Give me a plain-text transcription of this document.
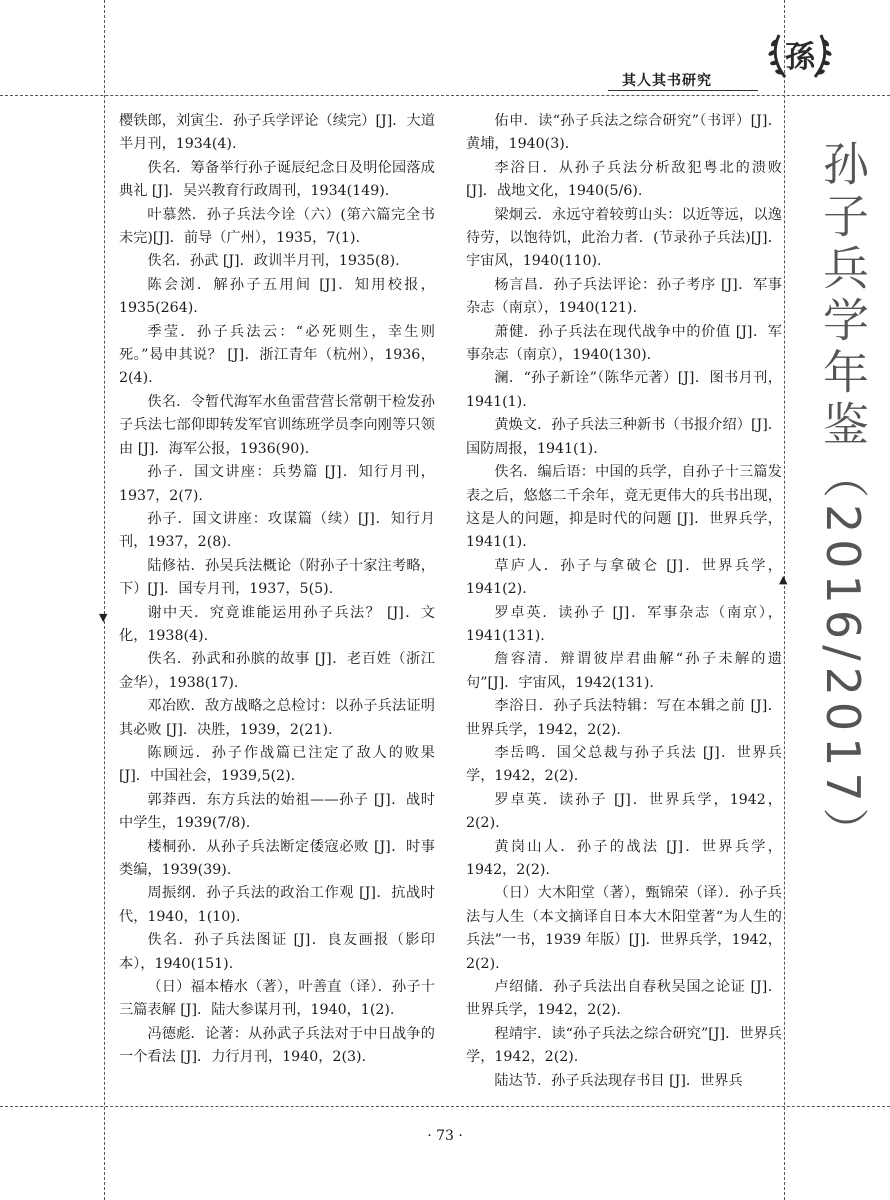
▼
▲
其人其书研究
孫
孙子兵学年鉴（2016/2017）

樱铁郎，刘寅尘．孙子兵学评论（续完）[J]．大道半月刊，1934(4).

佚名．筹备举行孙子诞辰纪念日及明伦园落成典礼 [J]．吴兴教育行政周刊，1934(149).

叶慕然．孙子兵法今诠（六）(第六篇完全书未完)[J]．前导（广州），1935，7(1).

佚名．孙武 [J]．政训半月刊，1935(8).

陈会浏．解孙子五用间 [J]．知用校报，1935(264).

季莹．孙子兵法云：“必死则生，幸生则死。”曷申其说？ [J]．浙江青年（杭州），1936，2(4).

佚名．令暂代海军水鱼雷营营长常朝干检发孙子兵法七部仰即转发军官训练班学员李向刚等只领由 [J]．海军公报，1936(90).

孙子．国文讲座：兵势篇 [J]．知行月刊，1937，2(7).

孙子．国文讲座：攻谋篇（续）[J]．知行月刊，1937，2(8).

陆修祜．孙吴兵法概论（附孙子十家注考略，下）[J]．国专月刊，1937，5(5).

谢中天．究竟谁能运用孙子兵法？ [J]．文化，1938(4).

佚名．孙武和孙膑的故事 [J]．老百姓（浙江金华），1938(17).

邓冶欧．敌方战略之总检讨：以孙子兵法证明其必败 [J]．决胜，1939，2(21).

陈顾远．孙子作战篇已注定了敌人的败果 [J]．中国社会，1939,5(2).

郭莽西．东方兵法的始祖——孙子 [J]．战时中学生，1939(7/8).

楼桐孙．从孙子兵法断定倭寇必败 [J]．时事类编，1939(39).

周振纲．孙子兵法的政治工作观 [J]．抗战时代，1940，1(10).

佚名．孙子兵法图证 [J]．良友画报（影印本），1940(151).

（日）福本椿水（著），叶善直（译）．孙子十三篇表解 [J]．陆大参谋月刊，1940，1(2).

冯德彪．论著：从孙武子兵法对于中日战争的一个看法 [J]．力行月刊，1940，2(3).

佑申．读“孙子兵法之综合研究”（书评）[J]．黄埔，1940(3).

李浴日．从孙子兵法分析敌犯粤北的溃败 [J]．战地文化，1940(5/6).

梁炯云．永远守着较剪山头：以近等远，以逸待劳，以饱待饥，此治力者．(节录孙子兵法)[J]．宇宙风，1940(110).

杨言昌．孙子兵法评论：孙子考序 [J]．军事杂志（南京），1940(121).

萧健．孙子兵法在现代战争中的价值 [J]．军事杂志（南京），1940(130).

澜．“孙子新诠”（陈华元著）[J]．图书月刊，1941(1).

黄焕文．孙子兵法三种新书（书报介绍）[J]．国防周报，1941(1).

佚名．编后语：中国的兵学，自孙子十三篇发表之后，悠悠二千余年，竟无更伟大的兵书出现，这是人的问题，抑是时代的问题 [J]．世界兵学，1941(1).

草庐人．孙子与拿破仑 [J]．世界兵学，1941(2).

罗卓英．读孙子 [J]．军事杂志（南京），1941(131).

詹容清．辩谓彼岸君曲解“孙子未解的遗句”[J]．宇宙风，1942(131).

李浴日．孙子兵法特辑：写在本辑之前 [J]．世界兵学，1942，2(2).

李岳鸣．国父总裁与孙子兵法 [J]．世界兵学，1942，2(2).

罗卓英．读孙子 [J]．世界兵学，1942，2(2).

黄岗山人．孙子的战法 [J]．世界兵学，1942，2(2).

（日）大木阳堂（著），甄锦荣（译）．孙子兵法与人生（本文摘译自日本大木阳堂著“为人生的兵法”一书，1939 年版）[J]．世界兵学，1942，2(2).

卢绍储．孙子兵法出自春秋吴国之论证 [J]．世界兵学，1942，2(2).

程靖宇．读“孙子兵法之综合研究”[J]．世界兵学，1942，2(2).

陆达节．孙子兵法现存书目 [J]．世界兵

· 73 ·
